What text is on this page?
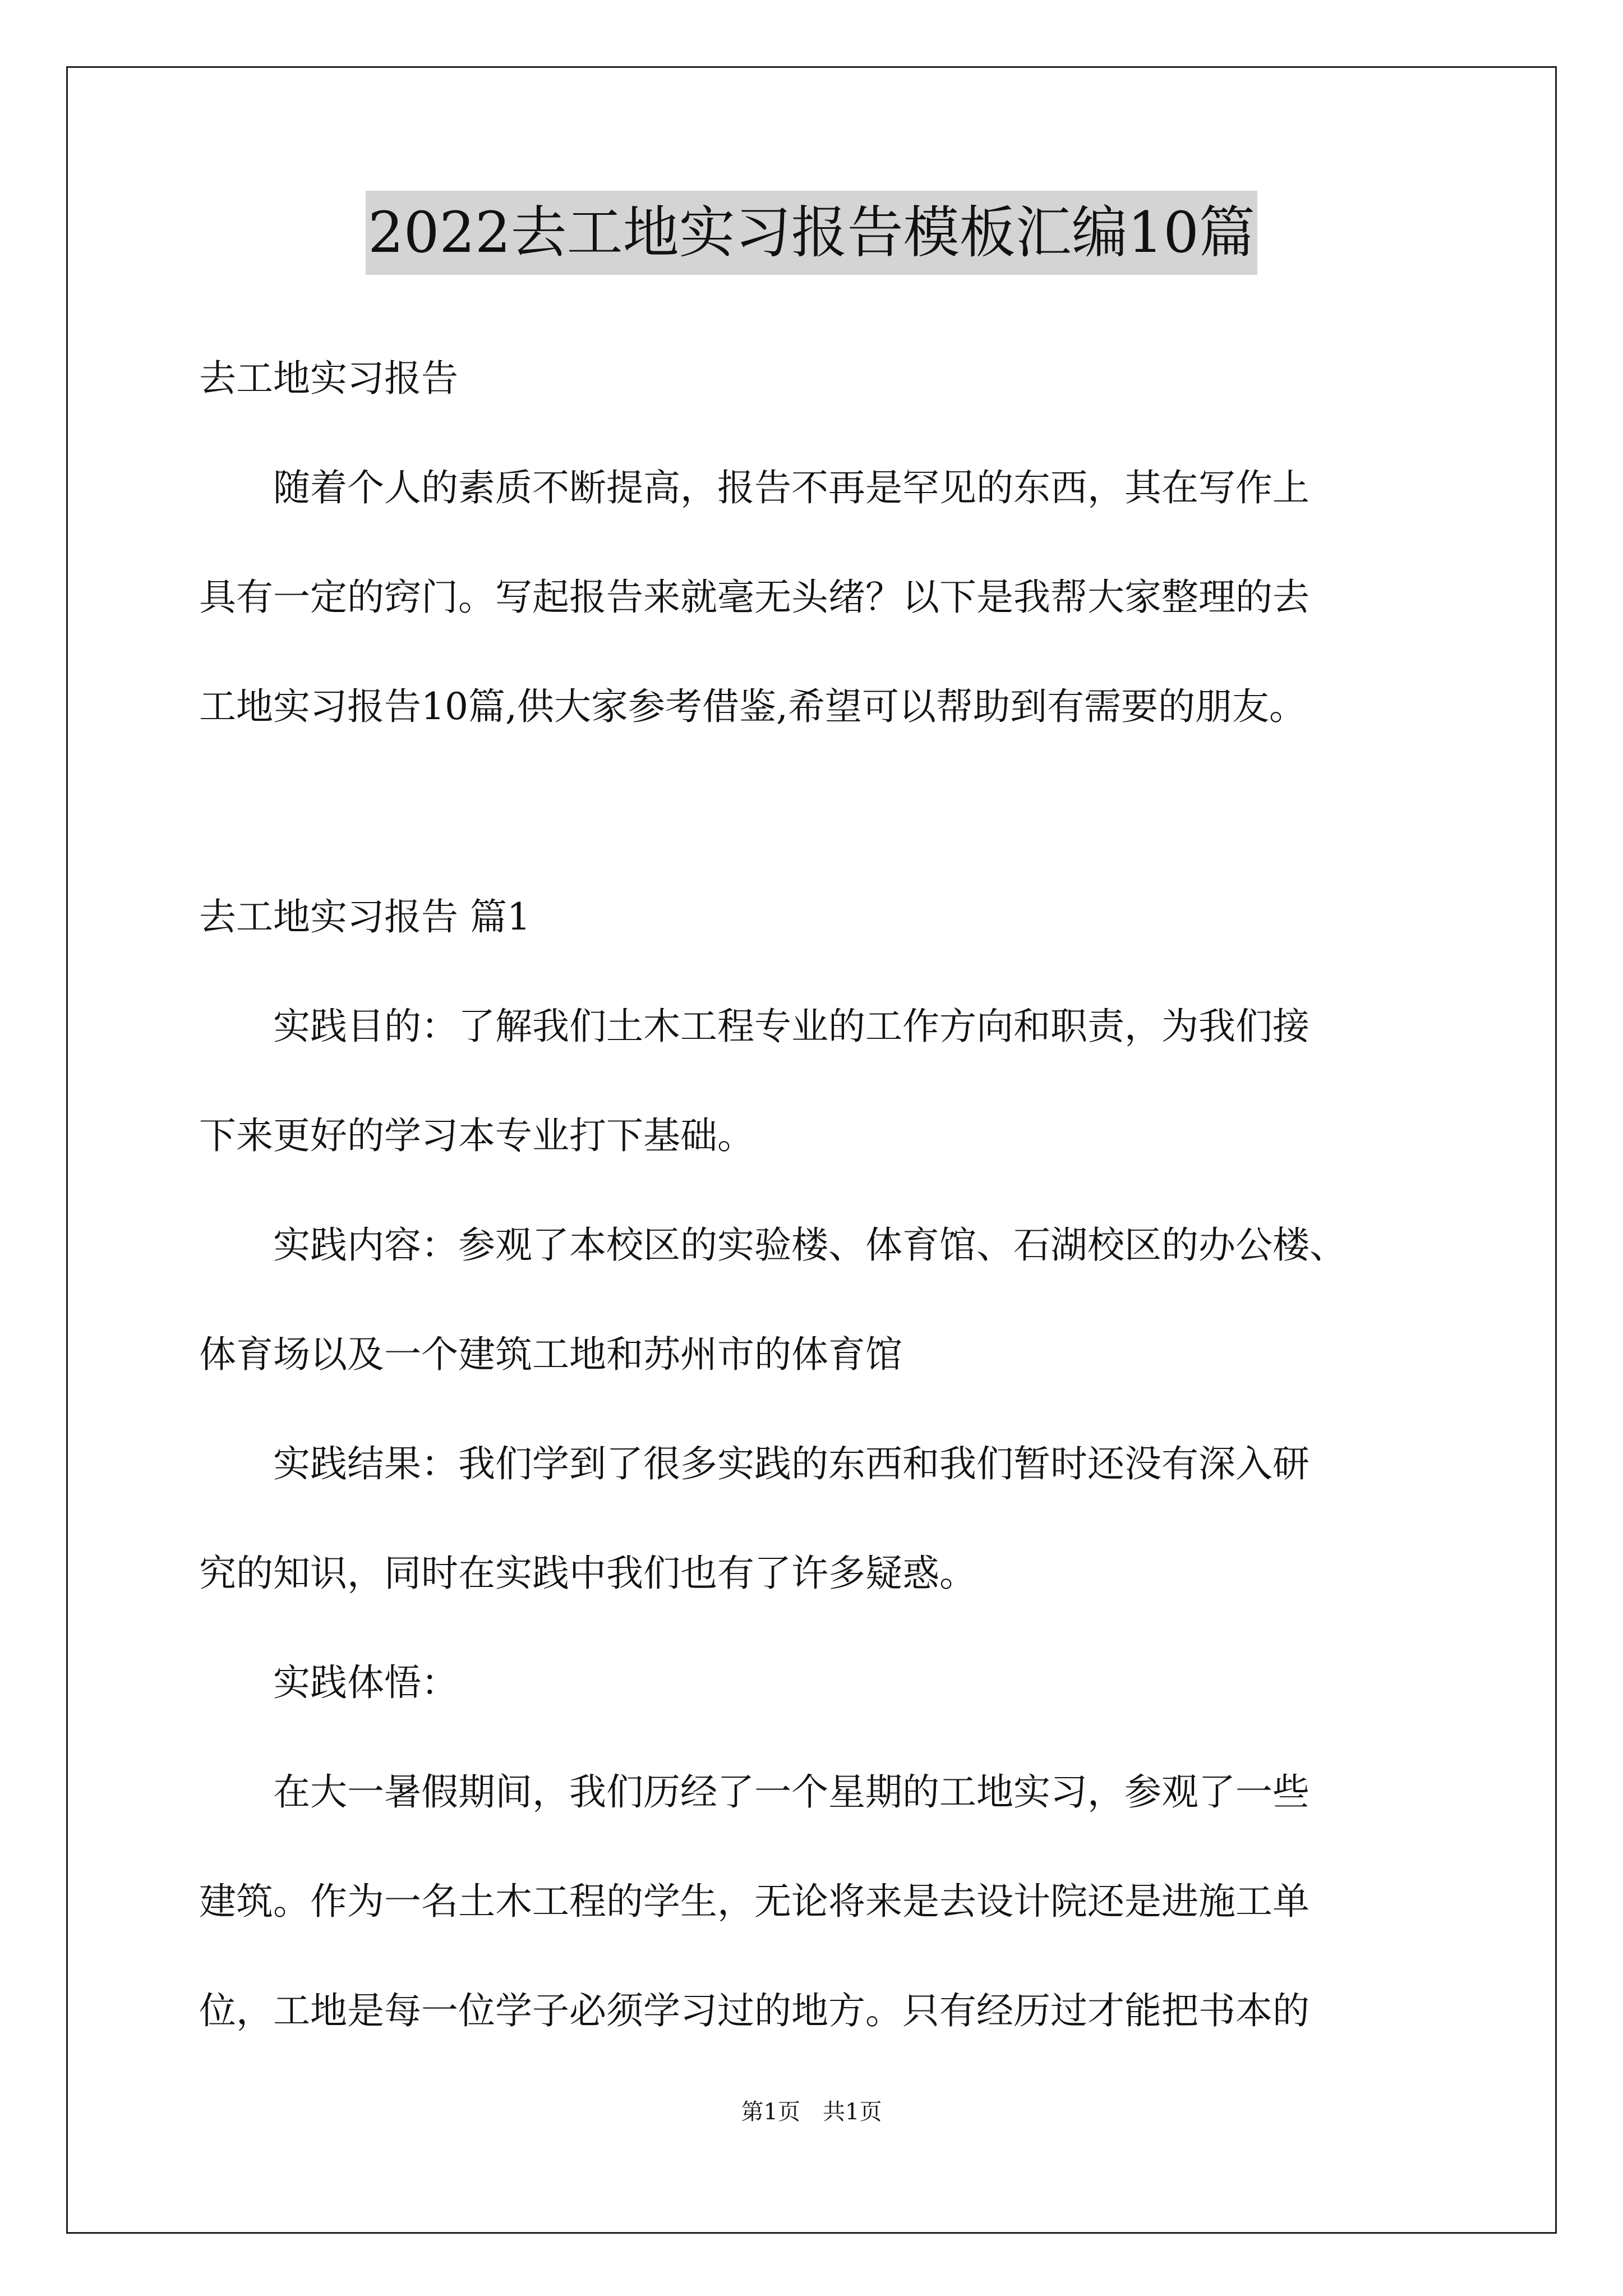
2022去工地实习报告模板汇编10篇
去工地实习报告
　　随着个人的素质不断提高，报告不再是罕见的东西，其在写作上
具有一定的窍门。写起报告来就毫无头绪？以下是我帮大家整理的去
工地实习报告10篇,供大家参考借鉴,希望可以帮助到有需要的朋友。
去工地实习报告 篇1
　　实践目的：了解我们土木工程专业的工作方向和职责，为我们接
下来更好的学习本专业打下基础。
　　实践内容：参观了本校区的实验楼、体育馆、石湖校区的办公楼、
体育场以及一个建筑工地和苏州市的体育馆
　　实践结果：我们学到了很多实践的东西和我们暂时还没有深入研
究的知识，同时在实践中我们也有了许多疑惑。
　　实践体悟：
　　在大一暑假期间，我们历经了一个星期的工地实习，参观了一些
建筑。作为一名土木工程的学生，无论将来是去设计院还是进施工单
位，工地是每一位学子必须学习过的地方。只有经历过才能把书本的
第1页　共1页
